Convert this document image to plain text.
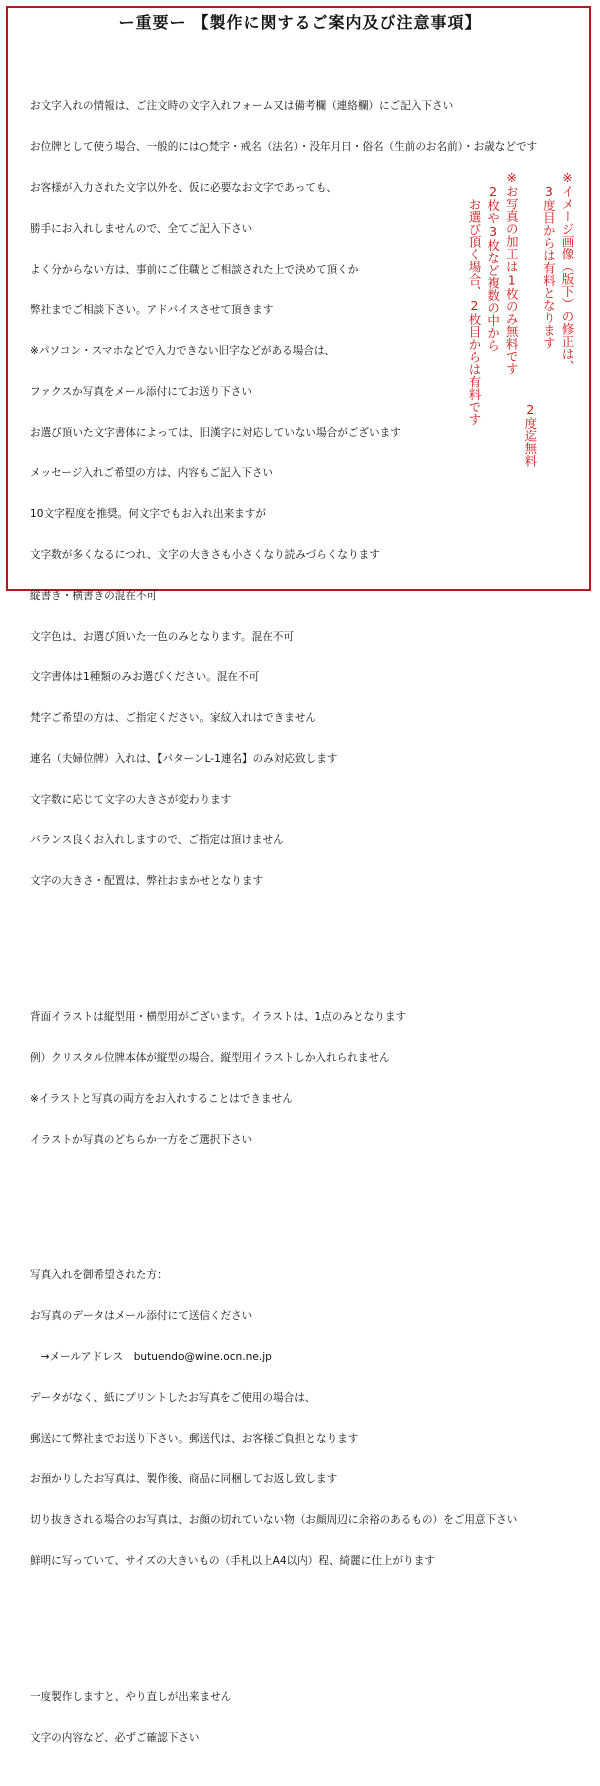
ー重要ー 【製作に関するご案内及び注意事項】

お文字入れの情報は、ご注文時の文字入れフォーム又は備考欄（連絡欄）にご記入下さい

お位牌として使う場合、一般的には○梵字・戒名（法名）・没年月日・俗名（生前のお名前）・お歳などです

お客様が入力された文字以外を、仮に必要なお文字であっても、

勝手にお入れしませんので、全てご記入下さい

よく分からない方は、事前にご住職とご相談された上で決めて頂くか

弊社までご相談下さい。アドバイスさせて頂きます

※パソコン・スマホなどで入力できない旧字などがある場合は、

ファクスか写真をメール添付にてお送り下さい

お選び頂いた文字書体によっては、旧漢字に対応していない場合がございます

メッセージ入れご希望の方は、内容もご記入下さい

10文字程度を推奨。何文字でもお入れ出来ますが

文字数が多くなるにつれ、文字の大きさも小さくなり読みづらくなります

縦書き・横書きの混在不可

文字色は、お選び頂いた一色のみとなります。混在不可

文字書体は1種類のみお選びください。混在不可

梵字ご希望の方は、ご指定ください。家紋入れはできません

連名（夫婦位牌）入れは、【パターンL-1連名】のみ対応致します

文字数に応じて文字の大きさが変わります

バランス良くお入れしますので、ご指定は頂けません

文字の大きさ・配置は、弊社おまかせとなります

背面イラストは縦型用・横型用がございます。イラストは、1点のみとなります

例）クリスタル位牌本体が縦型の場合、縦型用イラストしか入れられません

※イラストと写真の両方をお入れすることはできません

イラストか写真のどちらか一方をご選択下さい

写真入れを御希望された方：

お写真のデータはメール添付にて送信ください

　→メールアドレス　butuendo@wine.ocn.ne.jp

データがなく、紙にプリントしたお写真をご使用の場合は、

郵送にて弊社までお送り下さい。郵送代は、お客様ご負担となります

お預かりしたお写真は、製作後、商品に同梱してお返し致します

切り抜きされる場合のお写真は、お顔の切れていない物（お顔周辺に余裕のあるもの）をご用意下さい

鮮明に写っていて、サイズの大きいもの（手札以上A4以内）程、綺麗に仕上がります

一度製作しますと、やり直しが出来ません

文字の内容など、必ずご確認下さい

※イメージ画像（版下）の修正は、
3度目からは有料となります
2度迄無料
※お写真の加工は1枚のみ無料です
2枚や3枚など複数の中から
お選び頂く場合、2枚目からは有料です
